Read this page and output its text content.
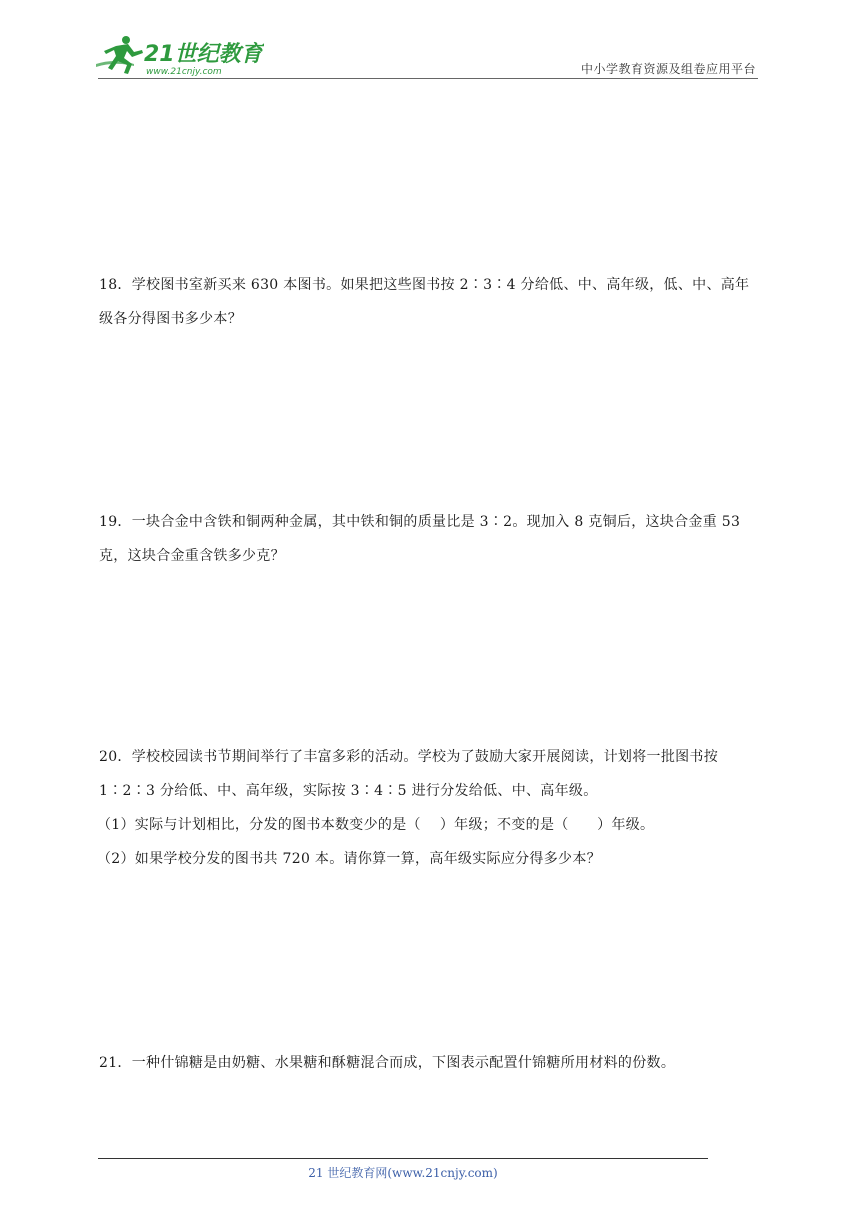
21世纪教育
www.21cnjy.com	中小学教育资源及组卷应用平台

18．学校图书室新买来 630 本图书。如果把这些图书按 2∶3∶4 分给低、中、高年级，低、中、高年

级各分得图书多少本？

19．一块合金中含铁和铜两种金属，其中铁和铜的质量比是 3∶2。现加入 8 克铜后，这块合金重 53

克，这块合金重含铁多少克？

20．学校校园读书节期间举行了丰富多彩的活动。学校为了鼓励大家开展阅读，计划将一批图书按

1∶2∶3 分给低、中、高年级，实际按 3∶4∶5 进行分发给低、中、高年级。

（1）实际与计划相比，分发的图书本数变少的是（　 ）年级；不变的是（　　）年级。

（2）如果学校分发的图书共 720 本。请你算一算，高年级实际应分得多少本？

21．一种什锦糖是由奶糖、水果糖和酥糖混合而成，下图表示配置什锦糖所用材料的份数。

21 世纪教育网(www.21cnjy.com)
